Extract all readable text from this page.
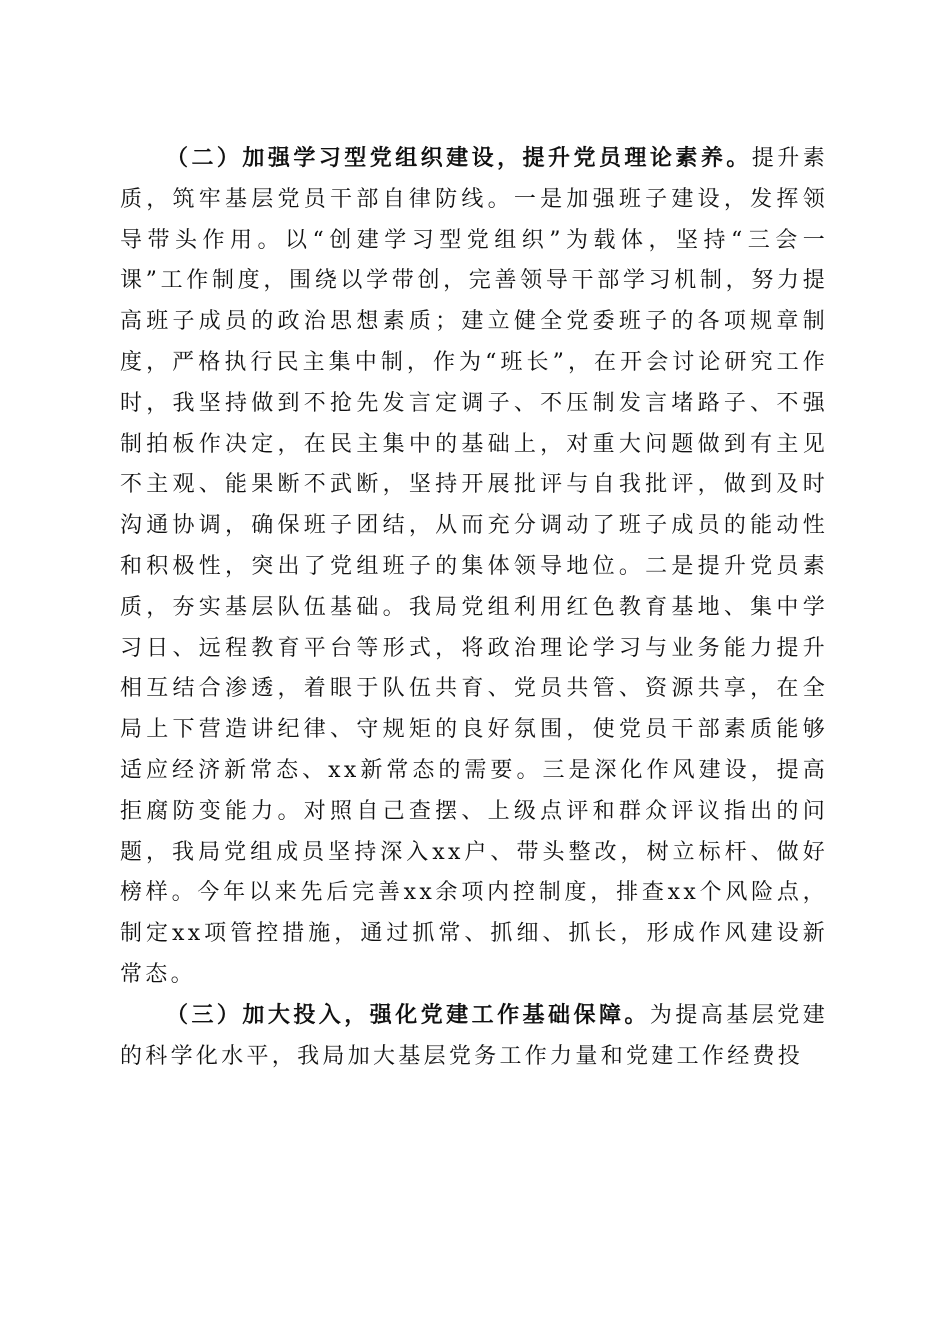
（二）加强学习型党组织建设，提升党员理论素养。提升素质，筑牢基层党员干部自律防线。一是加强班子建设，发挥领导带头作用。以“创建学习型党组织”为载体，坚持“三会一课”工作制度，围绕以学带创，完善领导干部学习机制，努力提高班子成员的政治思想素质；建立健全党委班子的各项规章制度，严格执行民主集中制，作为“班长”，在开会讨论研究工作时，我坚持做到不抢先发言定调子、不压制发言堵路子、不强制拍板作决定，在民主集中的基础上，对重大问题做到有主见不主观、能果断不武断，坚持开展批评与自我批评，做到及时沟通协调，确保班子团结，从而充分调动了班子成员的能动性和积极性，突出了党组班子的集体领导地位。二是提升党员素质，夯实基层队伍基础。我局党组利用红色教育基地、集中学习日、远程教育平台等形式，将政治理论学习与业务能力提升相互结合渗透，着眼于队伍共育、党员共管、资源共享，在全局上下营造讲纪律、守规矩的良好氛围，使党员干部素质能够适应经济新常态、xx新常态的需要。三是深化作风建设，提高拒腐防变能力。对照自己查摆、上级点评和群众评议指出的问题，我局党组成员坚持深入xx户、带头整改，树立标杆、做好榜样。今年以来先后完善xx余项内控制度，排查xx个风险点，制定xx项管控措施，通过抓常、抓细、抓长，形成作风建设新常态。

（三）加大投入，强化党建工作基础保障。为提高基层党建的科学化水平，我局加大基层党务工作力量和党建工作经费投
